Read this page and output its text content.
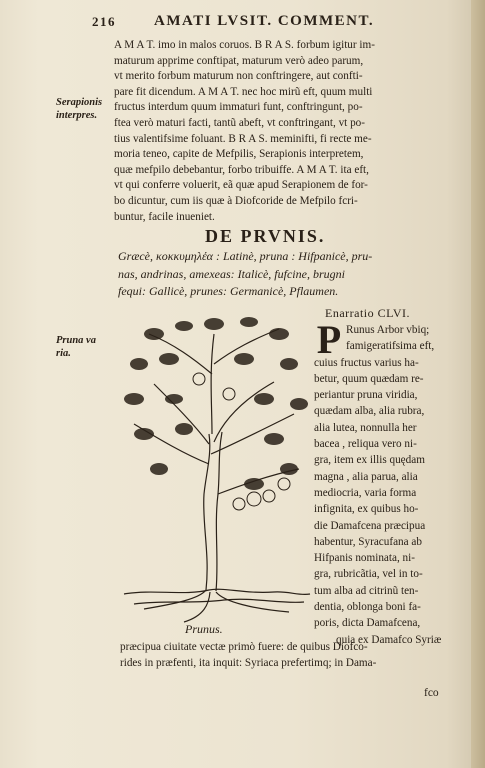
216	AMATI LVSIT. COMMENT.
A M A T. imo in malos coruos. B R A S. forbum igitur im-
maturum apprime conftipat, maturum verò adeo parum,
vt merito forbum maturum non conftringere, aut confti-
pare fit dicendum. A M A T. nec hoc mirũ eft, quum multi
fructus interdum quum immaturi funt, conftringunt, po-
ftea verò maturi facti, tantũ abeft, vt conftringant, vt po-
tius valentifsime foluant. B R A S. meminifti, fi recte me-
moria teneo, capite de Mefpilis, Serapionis interpretem,
quæ mefpilo debebantur, forbo tribuiffe. A M A T. ita eft,
vt qui conferre voluerit, eã quæ apud Serapionem de for-
bo dicuntur, cum iis quæ à Diofcoride de Mefpilo fcri-
buntur, facile inueniet.
Serapionis
interpres.
DE PRVNIS.
Græcè, κοκκυμηλέα : Latinè, pruna : Hifpanicè, pru-
nas, andrinas, amexeas: Italicè, fufcine, brugni
fequi: Gallicè, prunes: Germanicè, Pflaumen.
Pruna va
ria.
Enarratio CLVI.
P Runus Arbor vbiq;
famigeratifsima eft,
cuius fructus varius ha-
betur, quum quædam re-
periantur pruna viridia,
quædam alba, alia rubra,
alia lutea, nonnulla her
bacea , reliqua vero ni-
gra, item ex illis quędam
magna , alia parua, alia
mediocria, varia forma
infignita, ex quibus ho-
die Damafcena præcipua
habentur, Syracufana ab
Hifpanis nominata, ni-
gra, rubricãtia, vel in to-
tum alba ad citrinũ ten-
dentia, oblonga boni fa-
poris, dicta Damafcena,
quia ex Damafco Syriæ
Prunus.
præcipua ciuitate vectæ primò fuere: de quibus Diofco-
rides in præfenti, ita inquit: Syriaca prefertimq; in Dama-
fco
